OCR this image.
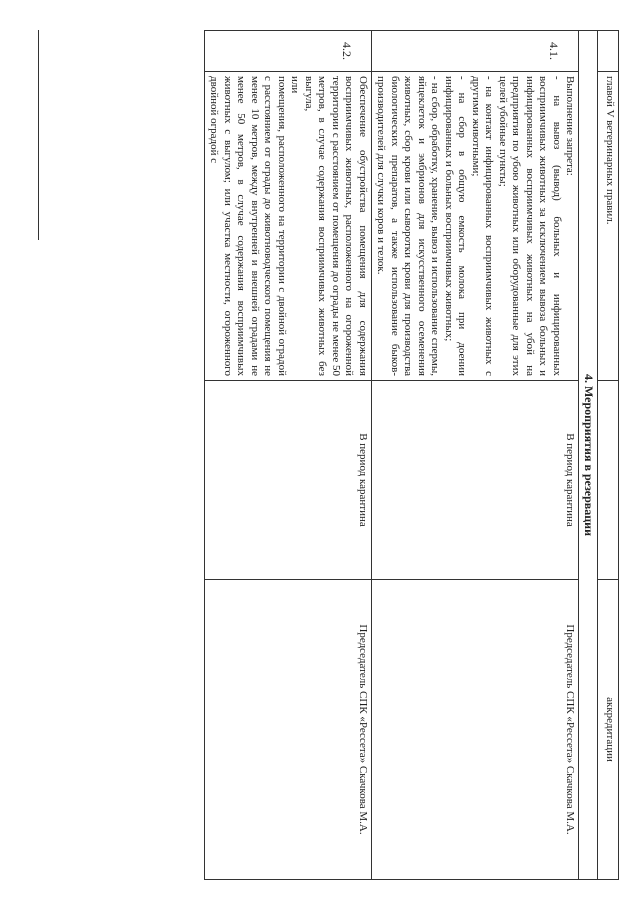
	главой V ветеринарных правил.		аккредитации
4. Мероприятия в резервации			
4.1.	Выполнение запрета:
- на вывоз (вывод) больных и инфицированных восприимчивых животных за исключением вывоза больных и инфицированных восприимчивых животных на убой на предприятия по убою животных или оборудованные для этих целей убойные пункты;
- на контакт инфицированных восприимчивых животных с другими животными;
- на сбор в общую емкость молока при доении инфицированных и больных восприимчивых животных;
- на сбор, обработку, хранение, вывоз и использование спермы, яйцеклеток и эмбрионов для искусственного осеменения животных, сбор крови или сыворотки крови для производства биологических препаратов, а также использование быков-производителей для случки коров и телок.	В период карантина	Председатель СПК «Рессета» Скачкова М.А.
4.2.	Обеспечение обустройства помещения для содержания восприимчивых животных, расположенного на огороженной территории с расстоянием от помещения до ограды не менее 50 метров, в случае содержания восприимчивых животных без выгула,
или
помещения, расположенного на территории с двойной оградой с расстоянием от ограды до животноводческого помещения не менее 10 метров, между внутренней и внешней оградами не менее 50 метров, в случае содержания восприимчивых животных с выгулом; или участка местности, огороженного двойной оградой с	В период карантина	Председатель СПК «Рессета» Скачкова М.А.
